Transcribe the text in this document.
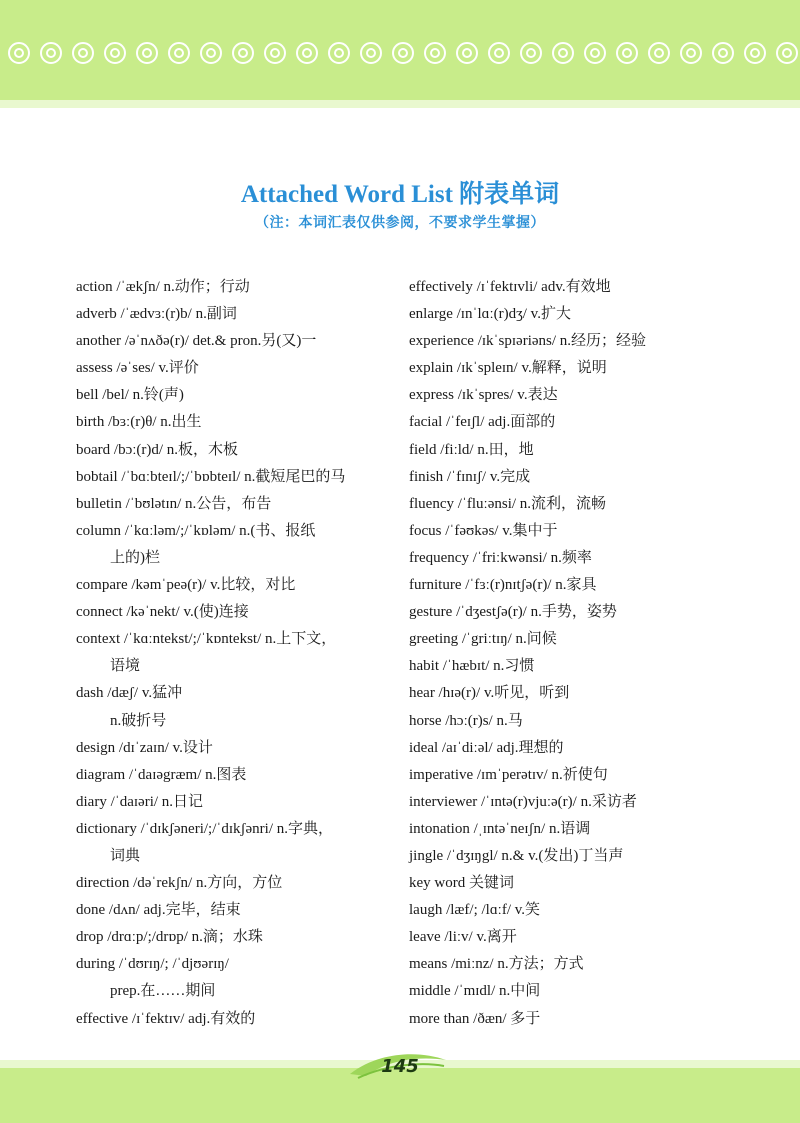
Attached Word List 附表单词
（注：本词汇表仅供参阅，不要求学生掌握）
action /ˈækʃn/ n.动作；行动
adverb /ˈædvɜː(r)b/ n.副词
another /əˈnʌðə(r)/ det.& pron.另(又)一
assess /əˈses/ v.评价
bell /bel/ n.铃(声)
birth /bɜː(r)θ/ n.出生
board /bɔː(r)d/ n.板，木板
bobtail /ˈbɑːbteɪl/;/ˈbɒbteɪl/ n.截短尾巴的马
bulletin /ˈbʊlətɪn/ n.公告，布告
column /ˈkɑːləm/;/ˈkɒləm/ n.(书、报纸
上的)栏
compare /kəmˈpeə(r)/ v.比较，对比
connect /kəˈnekt/ v.(使)连接
context /ˈkɑːntekst/;/ˈkɒntekst/ n.上下文，
语境
dash /dæʃ/ v.猛冲
n.破折号
design /dɪˈzaɪn/ v.设计
diagram /ˈdaɪəgræm/ n.图表
diary /ˈdaɪəri/ n.日记
dictionary /ˈdɪkʃəneri/;/ˈdɪkʃənri/ n.字典，
词典
direction /dəˈrekʃn/ n.方向，方位
done /dʌn/ adj.完毕，结束
drop /drɑːp/;/drɒp/ n.滴；水珠
during /ˈdʊrɪŋ/; /ˈdjʊərɪŋ/
prep.在……期间
effective /ɪˈfektɪv/ adj.有效的
effectively /ɪˈfektɪvli/ adv.有效地
enlarge /ɪnˈlɑː(r)dʒ/ v.扩大
experience /ɪkˈspɪəriəns/ n.经历；经验
explain /ɪkˈspleɪn/ v.解释，说明
express /ɪkˈspres/ v.表达
facial /ˈfeɪʃl/ adj.面部的
field /fiːld/ n.田，地
finish /ˈfɪnɪʃ/ v.完成
fluency /ˈfluːənsi/ n.流利，流畅
focus /ˈfəʊkəs/ v.集中于
frequency /ˈfriːkwənsi/ n.频率
furniture /ˈfɜː(r)nɪtʃə(r)/ n.家具
gesture /ˈdʒestʃə(r)/ n.手势，姿势
greeting /ˈgriːtɪŋ/ n.问候
habit /ˈhæbɪt/ n.习惯
hear /hɪə(r)/ v.听见，听到
horse /hɔː(r)s/ n.马
ideal /aɪˈdiːəl/ adj.理想的
imperative /ɪmˈperətɪv/ n.祈使句
interviewer /ˈɪntə(r)vjuːə(r)/ n.采访者
intonation /ˌɪntəˈneɪʃn/ n.语调
jingle /ˈdʒɪŋgl/ n.& v.(发出)丁当声
key word 关键词
laugh /læf/; /lɑːf/ v.笑
leave /liːv/ v.离开
means /miːnz/ n.方法；方式
middle /ˈmɪdl/ n.中间
more than /ðæn/ 多于
145
